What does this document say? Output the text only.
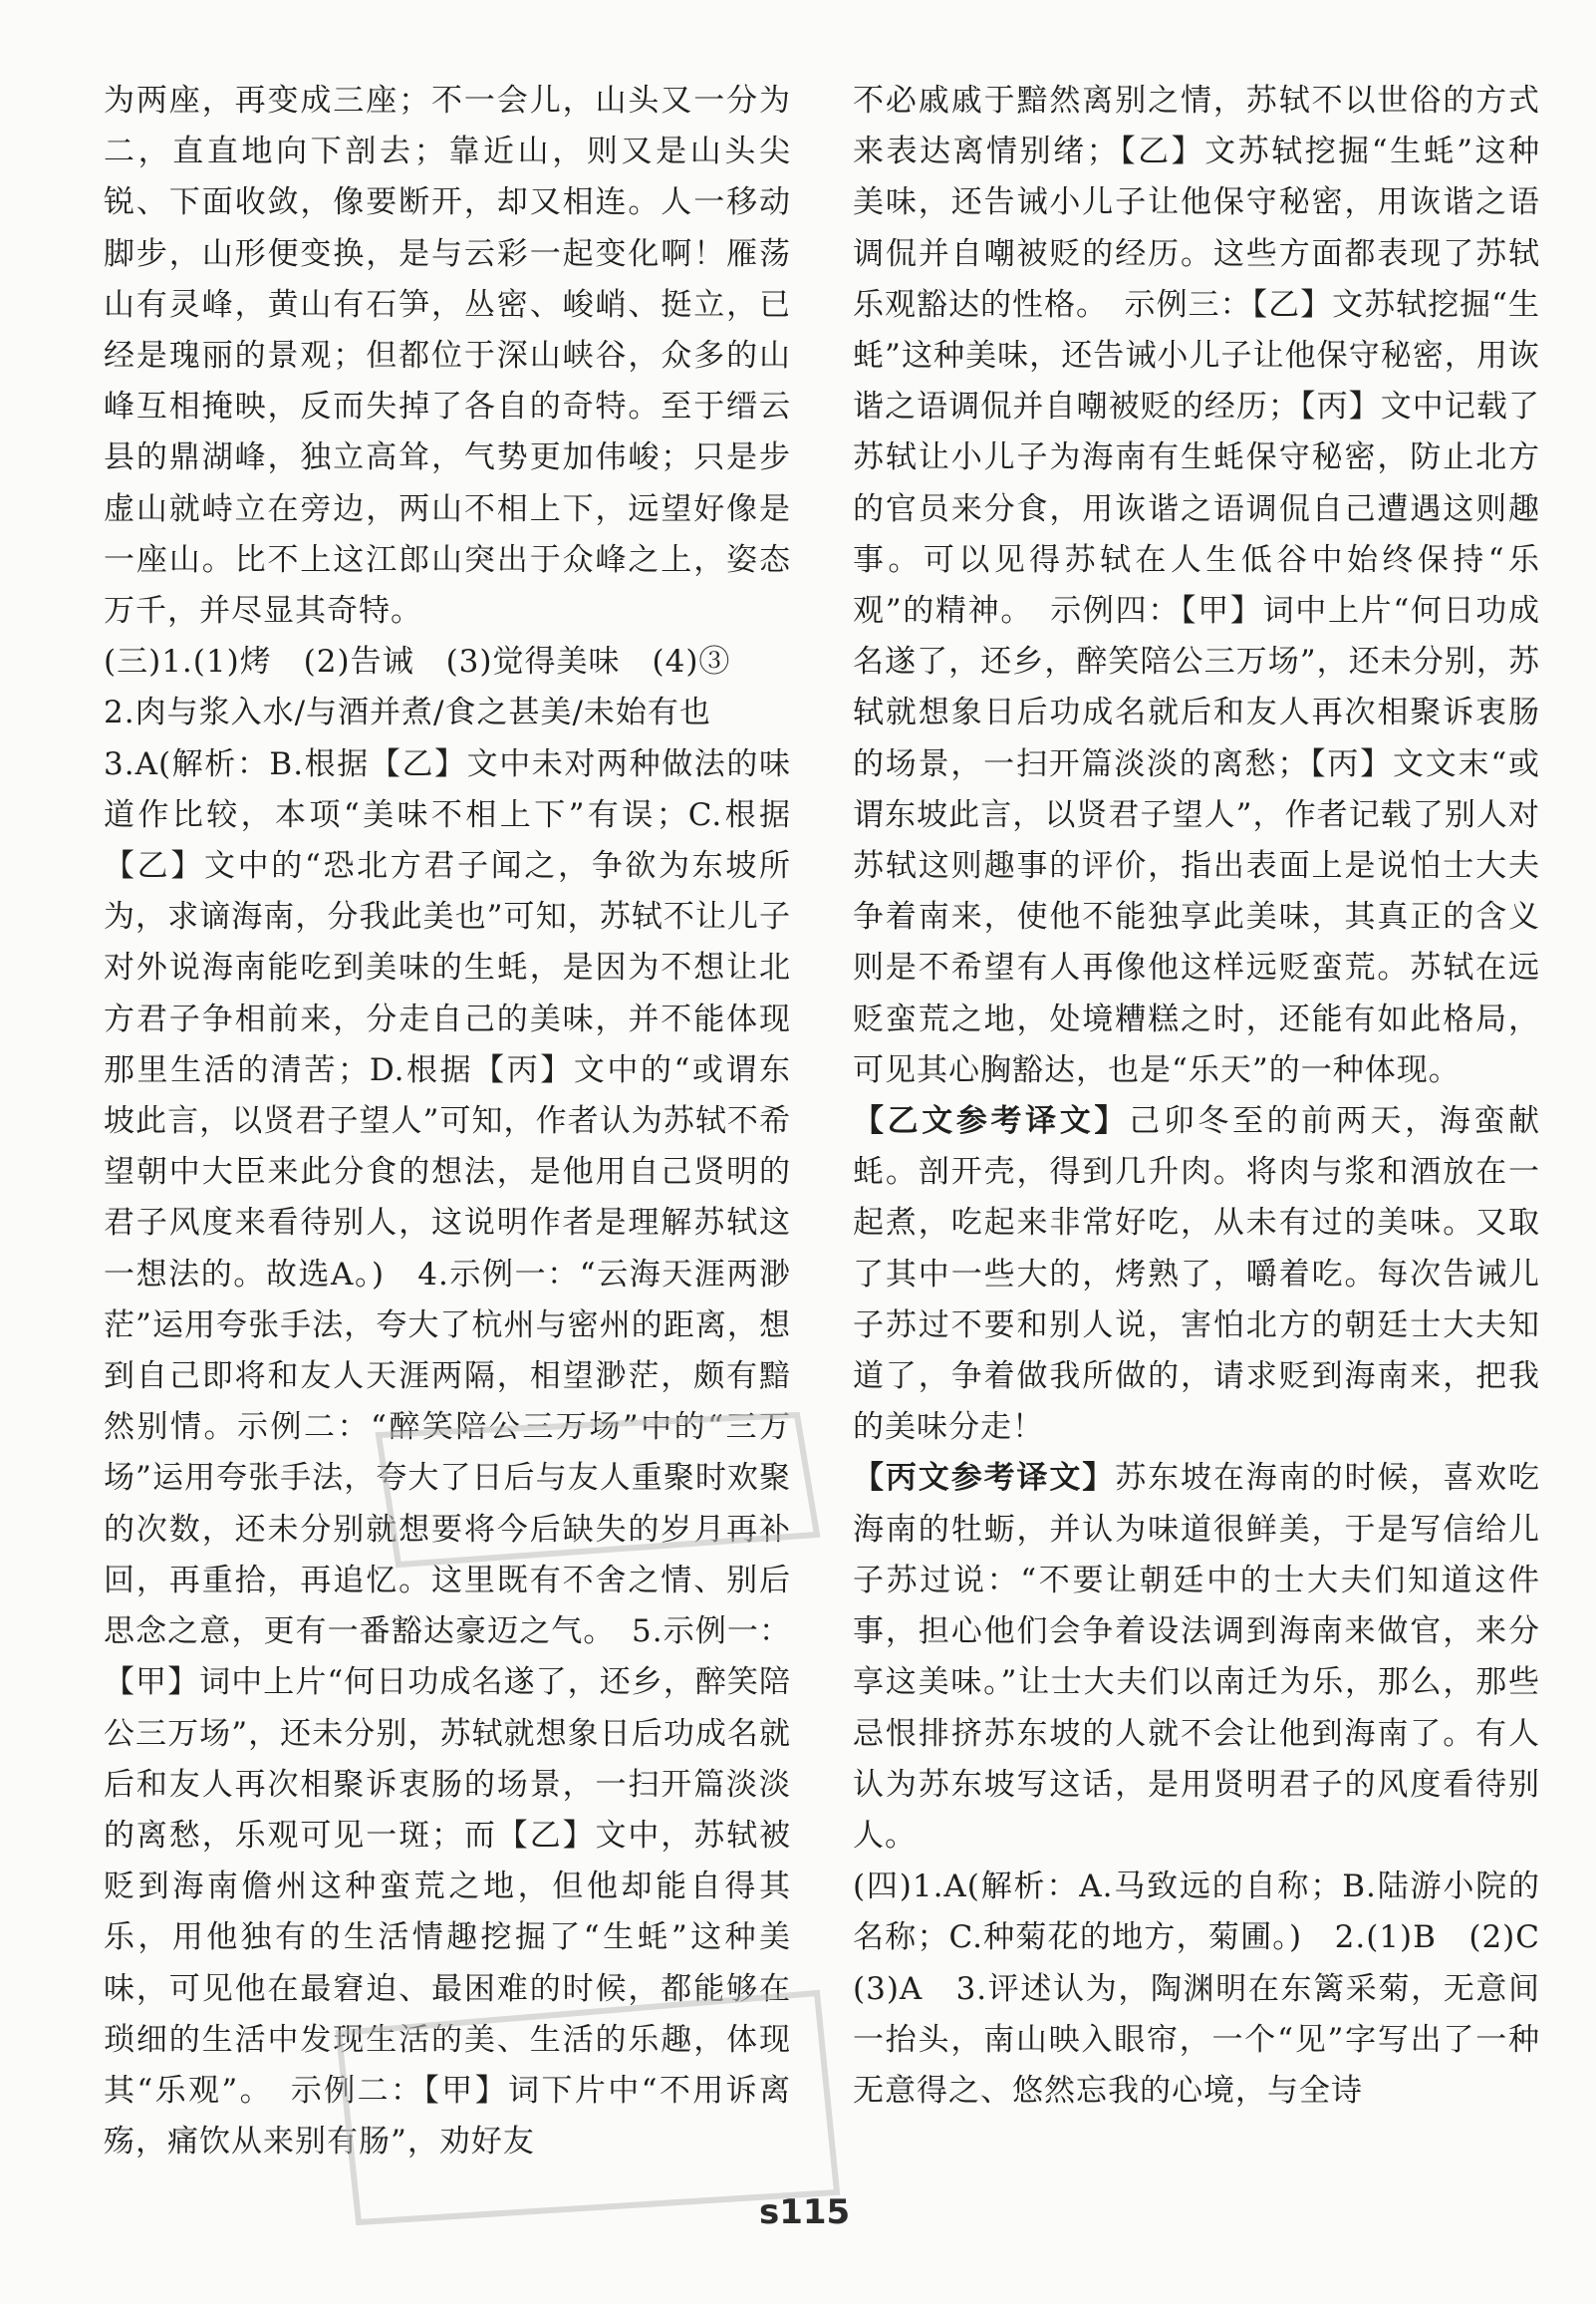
为两座，再变成三座；不一会儿，山头又一分为二，直直地向下剖去；靠近山，则又是山头尖锐、下面收敛，像要断开，却又相连。人一移动脚步，山形便变换，是与云彩一起变化啊！雁荡山有灵峰，黄山有石笋，丛密、峻峭、挺立，已经是瑰丽的景观；但都位于深山峡谷，众多的山峰互相掩映，反而失掉了各自的奇特。至于缙云县的鼎湖峰，独立高耸，气势更加伟峻；只是步虚山就峙立在旁边，两山不相上下，远望好像是一座山。比不上这江郎山突出于众峰之上，姿态万千，并尽显其奇特。

(三)1.(1)烤　(2)告诫　(3)觉得美味　(4)③

2.肉与浆入水/与酒并煮/食之甚美/未始有也

3.A(解析：B.根据【乙】文中未对两种做法的味道作比较，本项“美味不相上下”有误；C.根据【乙】文中的“恐北方君子闻之，争欲为东坡所为，求谪海南，分我此美也”可知，苏轼不让儿子对外说海南能吃到美味的生蚝，是因为不想让北方君子争相前来，分走自己的美味，并不能体现那里生活的清苦；D.根据【丙】文中的“或谓东坡此言，以贤君子望人”可知，作者认为苏轼不希望朝中大臣来此分食的想法，是他用自己贤明的君子风度来看待别人，这说明作者是理解苏轼这一想法的。故选A。)　4.示例一：“云海天涯两渺茫”运用夸张手法，夸大了杭州与密州的距离，想到自己即将和友人天涯两隔，相望渺茫，颇有黯然别情。示例二：“醉笑陪公三万场”中的“三万场”运用夸张手法，夸大了日后与友人重聚时欢聚的次数，还未分别就想要将今后缺失的岁月再补回，再重拾，再追忆。这里既有不舍之情、别后思念之意，更有一番豁达豪迈之气。　5.示例一：【甲】词中上片“何日功成名遂了，还乡，醉笑陪公三万场”，还未分别，苏轼就想象日后功成名就后和友人再次相聚诉衷肠的场景，一扫开篇淡淡的离愁，乐观可见一斑；而【乙】文中，苏轼被贬到海南儋州这种蛮荒之地，但他却能自得其乐，用他独有的生活情趣挖掘了“生蚝”这种美味，可见他在最窘迫、最困难的时候，都能够在琐细的生活中发现生活的美、生活的乐趣，体现其“乐观”。　示例二：【甲】词下片中“不用诉离殇，痛饮从来别有肠”，劝好友

不必戚戚于黯然离别之情，苏轼不以世俗的方式来表达离情别绪；【乙】文苏轼挖掘“生蚝”这种美味，还告诫小儿子让他保守秘密，用诙谐之语调侃并自嘲被贬的经历。这些方面都表现了苏轼乐观豁达的性格。　示例三：【乙】文苏轼挖掘“生蚝”这种美味，还告诫小儿子让他保守秘密，用诙谐之语调侃并自嘲被贬的经历；【丙】文中记载了苏轼让小儿子为海南有生蚝保守秘密，防止北方的官员来分食，用诙谐之语调侃自己遭遇这则趣事。可以见得苏轼在人生低谷中始终保持“乐观”的精神。　示例四：【甲】词中上片“何日功成名遂了，还乡，醉笑陪公三万场”，还未分别，苏轼就想象日后功成名就后和友人再次相聚诉衷肠的场景，一扫开篇淡淡的离愁；【丙】文文末“或谓东坡此言，以贤君子望人”，作者记载了别人对苏轼这则趣事的评价，指出表面上是说怕士大夫争着南来，使他不能独享此美味，其真正的含义则是不希望有人再像他这样远贬蛮荒。苏轼在远贬蛮荒之地，处境糟糕之时，还能有如此格局，可见其心胸豁达，也是“乐天”的一种体现。

【乙文参考译文】己卯冬至的前两天，海蛮献蚝。剖开壳，得到几升肉。将肉与浆和酒放在一起煮，吃起来非常好吃，从未有过的美味。又取了其中一些大的，烤熟了，嚼着吃。每次告诫儿子苏过不要和别人说，害怕北方的朝廷士大夫知道了，争着做我所做的，请求贬到海南来，把我的美味分走！

【丙文参考译文】苏东坡在海南的时候，喜欢吃海南的牡蛎，并认为味道很鲜美，于是写信给儿子苏过说：“不要让朝廷中的士大夫们知道这件事，担心他们会争着设法调到海南来做官，来分享这美味。”让士大夫们以南迁为乐，那么，那些忌恨排挤苏东坡的人就不会让他到海南了。有人认为苏东坡写这话，是用贤明君子的风度看待别人。

(四)1.A(解析：A.马致远的自称；B.陆游小院的名称；C.种菊花的地方，菊圃。)　2.(1)B　(2)C　(3)A　3.评述认为，陶渊明在东篱采菊，无意间一抬头，南山映入眼帘，一个“见”字写出了一种无意得之、悠然忘我的心境，与全诗

s115
